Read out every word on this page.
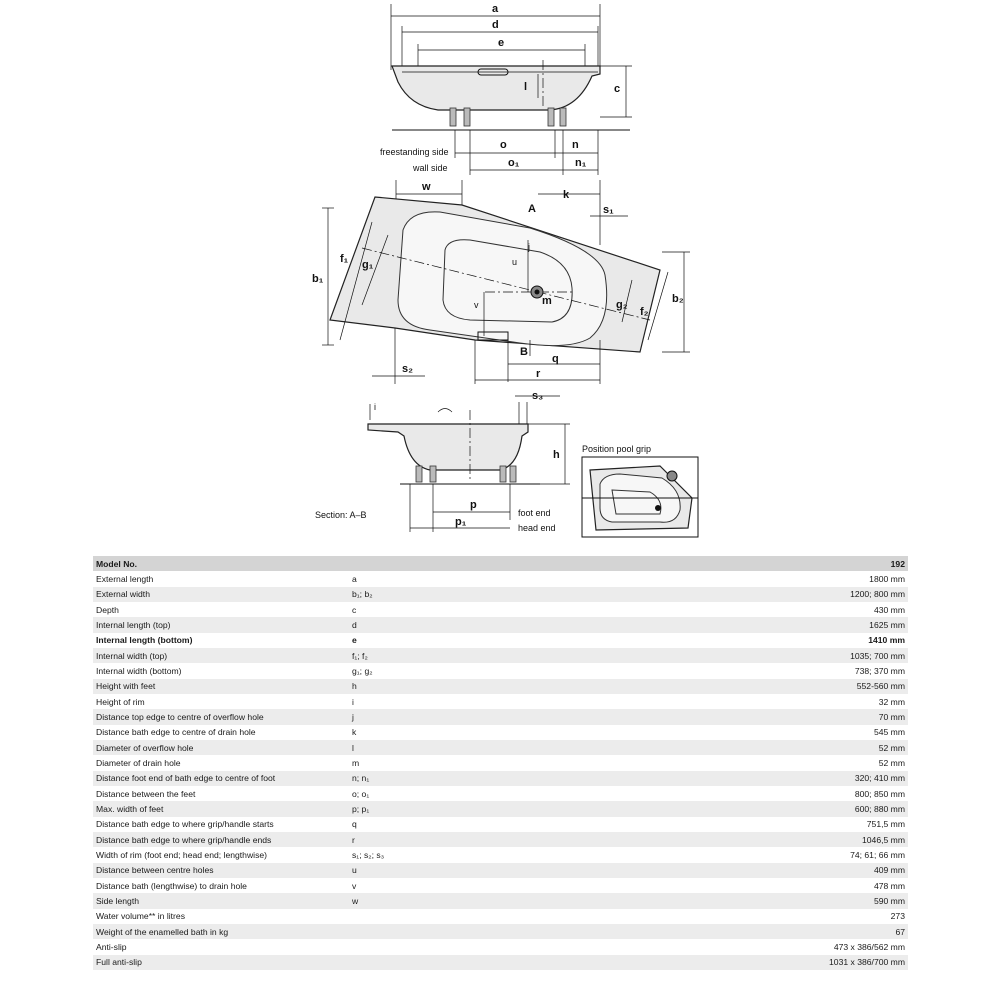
a
d
e
l	c
o	n
o₁	n₁
freestanding side
wall side
w
k
s₁
A
m
u
j
v
b₁
f₁ g₁
g₂
f₂
b₂
B
q
r
s₂
s₃
i
h
p
p₁
foot end
head end
Section: A–B
Position pool grip
Model No.		192
External length	a	1800 mm
External width	b₁; b₂	1200; 800 mm
Depth	c	430 mm
Internal length (top)	d	1625 mm
Internal length (bottom)	e	1410 mm
Internal width (top)	f₁; f₂	1035; 700 mm
Internal width (bottom)	g₁; g₂	738; 370 mm
Height with feet	h	552-560 mm
Height of rim	i	32 mm
Distance top edge to centre of overflow hole	j	70 mm
Distance bath edge to centre of drain hole	k	545 mm
Diameter of overflow hole	l	52 mm
Diameter of drain hole	m	52 mm
Distance foot end of bath edge to centre of foot	n; n₁	320; 410 mm
Distance between the feet	o; o₁	800; 850 mm
Max. width of feet	p; p₁	600; 880 mm
Distance bath edge to where grip/handle starts	q	751,5 mm
Distance bath edge to where grip/handle ends	r	1046,5 mm
Width of rim (foot end; head end; lengthwise)	s₁; s₂; s₃	74; 61; 66 mm
Distance between centre holes	u	409 mm
Distance bath (lengthwise) to drain hole	v	478 mm
Side length	w	590 mm
Water volume** in litres		273
Weight of the enamelled bath in kg		67
Anti-slip		473 x 386/562 mm
Full anti-slip		1031 x 386/700 mm
